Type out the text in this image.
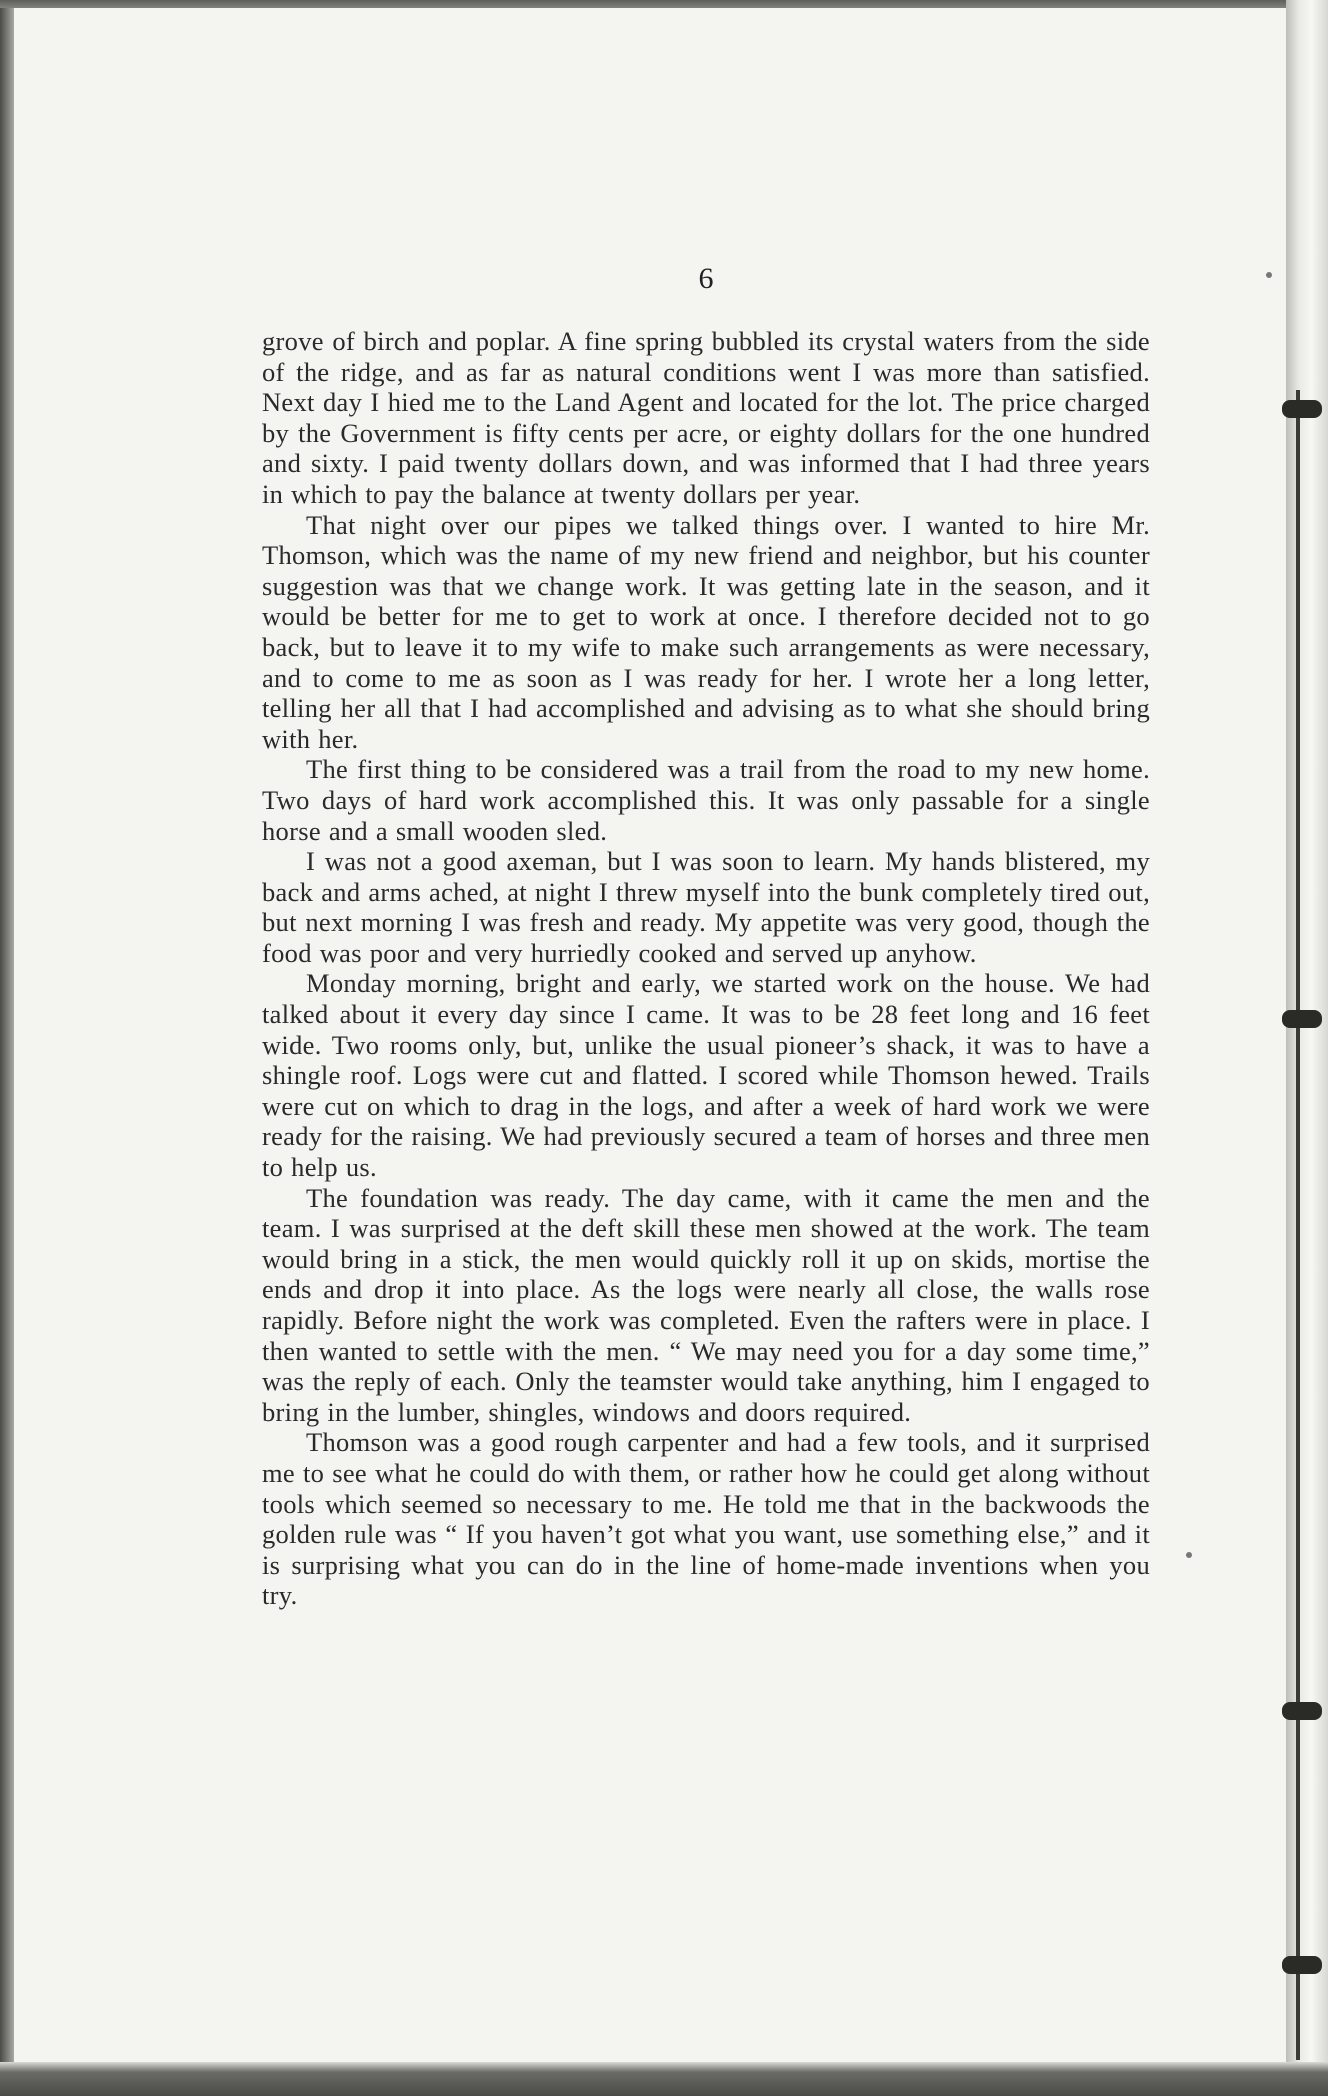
6

grove of birch and poplar. A fine spring bubbled its crystal waters from the side of the ridge, and as far as natural conditions went I was more than satisfied. Next day I hied me to the Land Agent and located for the lot. The price charged by the Government is fifty cents per acre, or eighty dollars for the one hundred and sixty. I paid twenty dollars down, and was informed that I had three years in which to pay the balance at twenty dollars per year.

That night over our pipes we talked things over. I wanted to hire Mr. Thomson, which was the name of my new friend and neighbor, but his counter suggestion was that we change work. It was getting late in the season, and it would be better for me to get to work at once. I therefore decided not to go back, but to leave it to my wife to make such arrangements as were necessary, and to come to me as soon as I was ready for her. I wrote her a long letter, telling her all that I had accomplished and advising as to what she should bring with her.

The first thing to be considered was a trail from the road to my new home. Two days of hard work accomplished this. It was only passable for a single horse and a small wooden sled.

I was not a good axeman, but I was soon to learn. My hands blistered, my back and arms ached, at night I threw myself into the bunk completely tired out, but next morning I was fresh and ready. My appetite was very good, though the food was poor and very hurriedly cooked and served up anyhow.

Monday morning, bright and early, we started work on the house. We had talked about it every day since I came. It was to be 28 feet long and 16 feet wide. Two rooms only, but, unlike the usual pioneer’s shack, it was to have a shingle roof. Logs were cut and flatted. I scored while Thomson hewed. Trails were cut on which to drag in the logs, and after a week of hard work we were ready for the raising. We had previously secured a team of horses and three men to help us.

The foundation was ready. The day came, with it came the men and the team. I was surprised at the deft skill these men showed at the work. The team would bring in a stick, the men would quickly roll it up on skids, mortise the ends and drop it into place. As the logs were nearly all close, the walls rose rapidly. Before night the work was completed. Even the rafters were in place. I then wanted to settle with the men. “ We may need you for a day some time,” was the reply of each. Only the teamster would take anything, him I engaged to bring in the lumber, shingles, windows and doors required.

Thomson was a good rough carpenter and had a few tools, and it surprised me to see what he could do with them, or rather how he could get along without tools which seemed so necessary to me. He told me that in the backwoods the golden rule was “ If you haven’t got what you want, use something else,” and it is surprising what you can do in the line of home-made inventions when you try.
